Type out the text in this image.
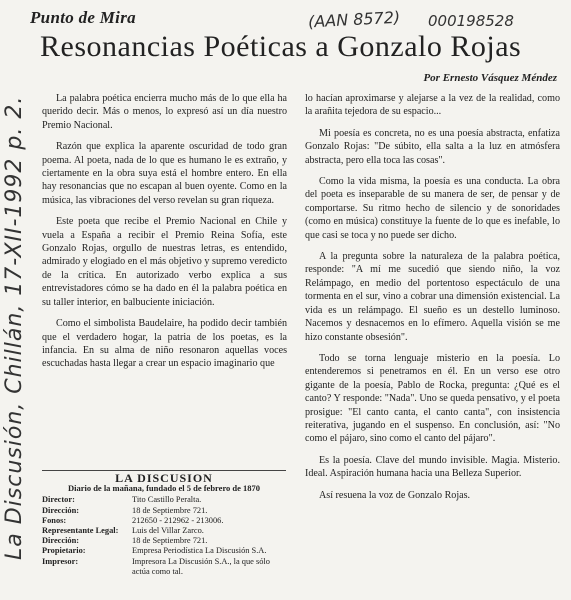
Punto de Mira	(AAN 8572) 000198528
La Discusión, Chillán, 17-XII-1992 p. 2.
Resonancias Poéticas a Gonzalo Rojas
Por Ernesto Vásquez Méndez

La palabra poética encierra mucho más de lo que ella ha querido decir. Más o menos, lo expresó así un día nuestro Premio Nacional.

Razón que explica la aparente oscuridad de todo gran poema. Al poeta, nada de lo que es humano le es extraño, y ciertamente en la obra suya está el hombre entero. En ella hay resonancias que no escapan al buen oyente. Como en la música, las vibraciones del verso revelan su gran riqueza.

Este poeta que recibe el Premio Nacional en Chile y vuela a España a recibir el Premio Reina Sofía, este Gonzalo Rojas, orgullo de nuestras letras, es entendido, admirado y elogiado en el más objetivo y supremo veredicto de la crítica. En autorizado verbo explica a sus entrevistadores cómo se ha dado en él la palabra poética en su taller interior, en balbuciente iniciación.

Como el simbolista Baudelaire, ha podido decir también que el verdadero hogar, la patria de los poetas, es la infancia. En su alma de niño resonaron aquellas voces escuchadas hasta llegar a crear un espacio imaginario que

lo hacían aproximarse y alejarse a la vez de la realidad, como la arañita tejedora de su espacio...

Mi poesía es concreta, no es una poesía abstracta, enfatiza Gonzalo Rojas: "De súbito, ella salta a la luz en atmósfera abstracta, pero ella toca las cosas".

Como la vida misma, la poesía es una conducta. La obra del poeta es inseparable de su manera de ser, de pensar y de comportarse. Su ritmo hecho de silencio y de sonoridades (como en música) constituye la fuente de lo que es inefable, lo que casi se toca y no puede ser dicho.

A la pregunta sobre la naturaleza de la palabra poética, responde: "A mí me sucedió que siendo niño, la voz Relámpago, en medio del portentoso espectáculo de una tormenta en el sur, vino a cobrar una dimensión existencial. La vida es un relámpago. El sueño es un destello luminoso. Nacemos y desnacemos en lo efímero. Aquella visión se me hizo constante obsesión".

Todo se torna lenguaje misterio en la poesía. Lo entenderemos si penetramos en él. En un verso ese otro gigante de la poesía, Pablo de Rocka, pregunta: ¿Qué es el canto? Y responde: "Nada". Uno se queda pensativo, y el poeta prosigue: "El canto canta, el canto canta", con insistencia reiterativa, jugando en el suspenso. En conclusión, así: "No como el pájaro, sino como el canto del pájaro".

Es la poesía. Clave del mundo invisible. Magia. Misterio. Ideal. Aspiración humana hacia una Belleza Superior.

Así resuena la voz de Gonzalo Rojas.

LA DISCUSION
Diario de la mañana, fundado el 5 de febrero de 1870
Director:	Tito Castillo Peralta.
Dirección:	18 de Septiembre 721.
Fonos:	212650 - 212962 - 213006.
Representante Legal:	Luis del Villar Zarco.
Dirección:	18 de Septiembre 721.
Propietario:	Empresa Periodística La Discusión S.A.
Impresor:	Impresora La Discusión S.A., la que sólo actúa como tal.
